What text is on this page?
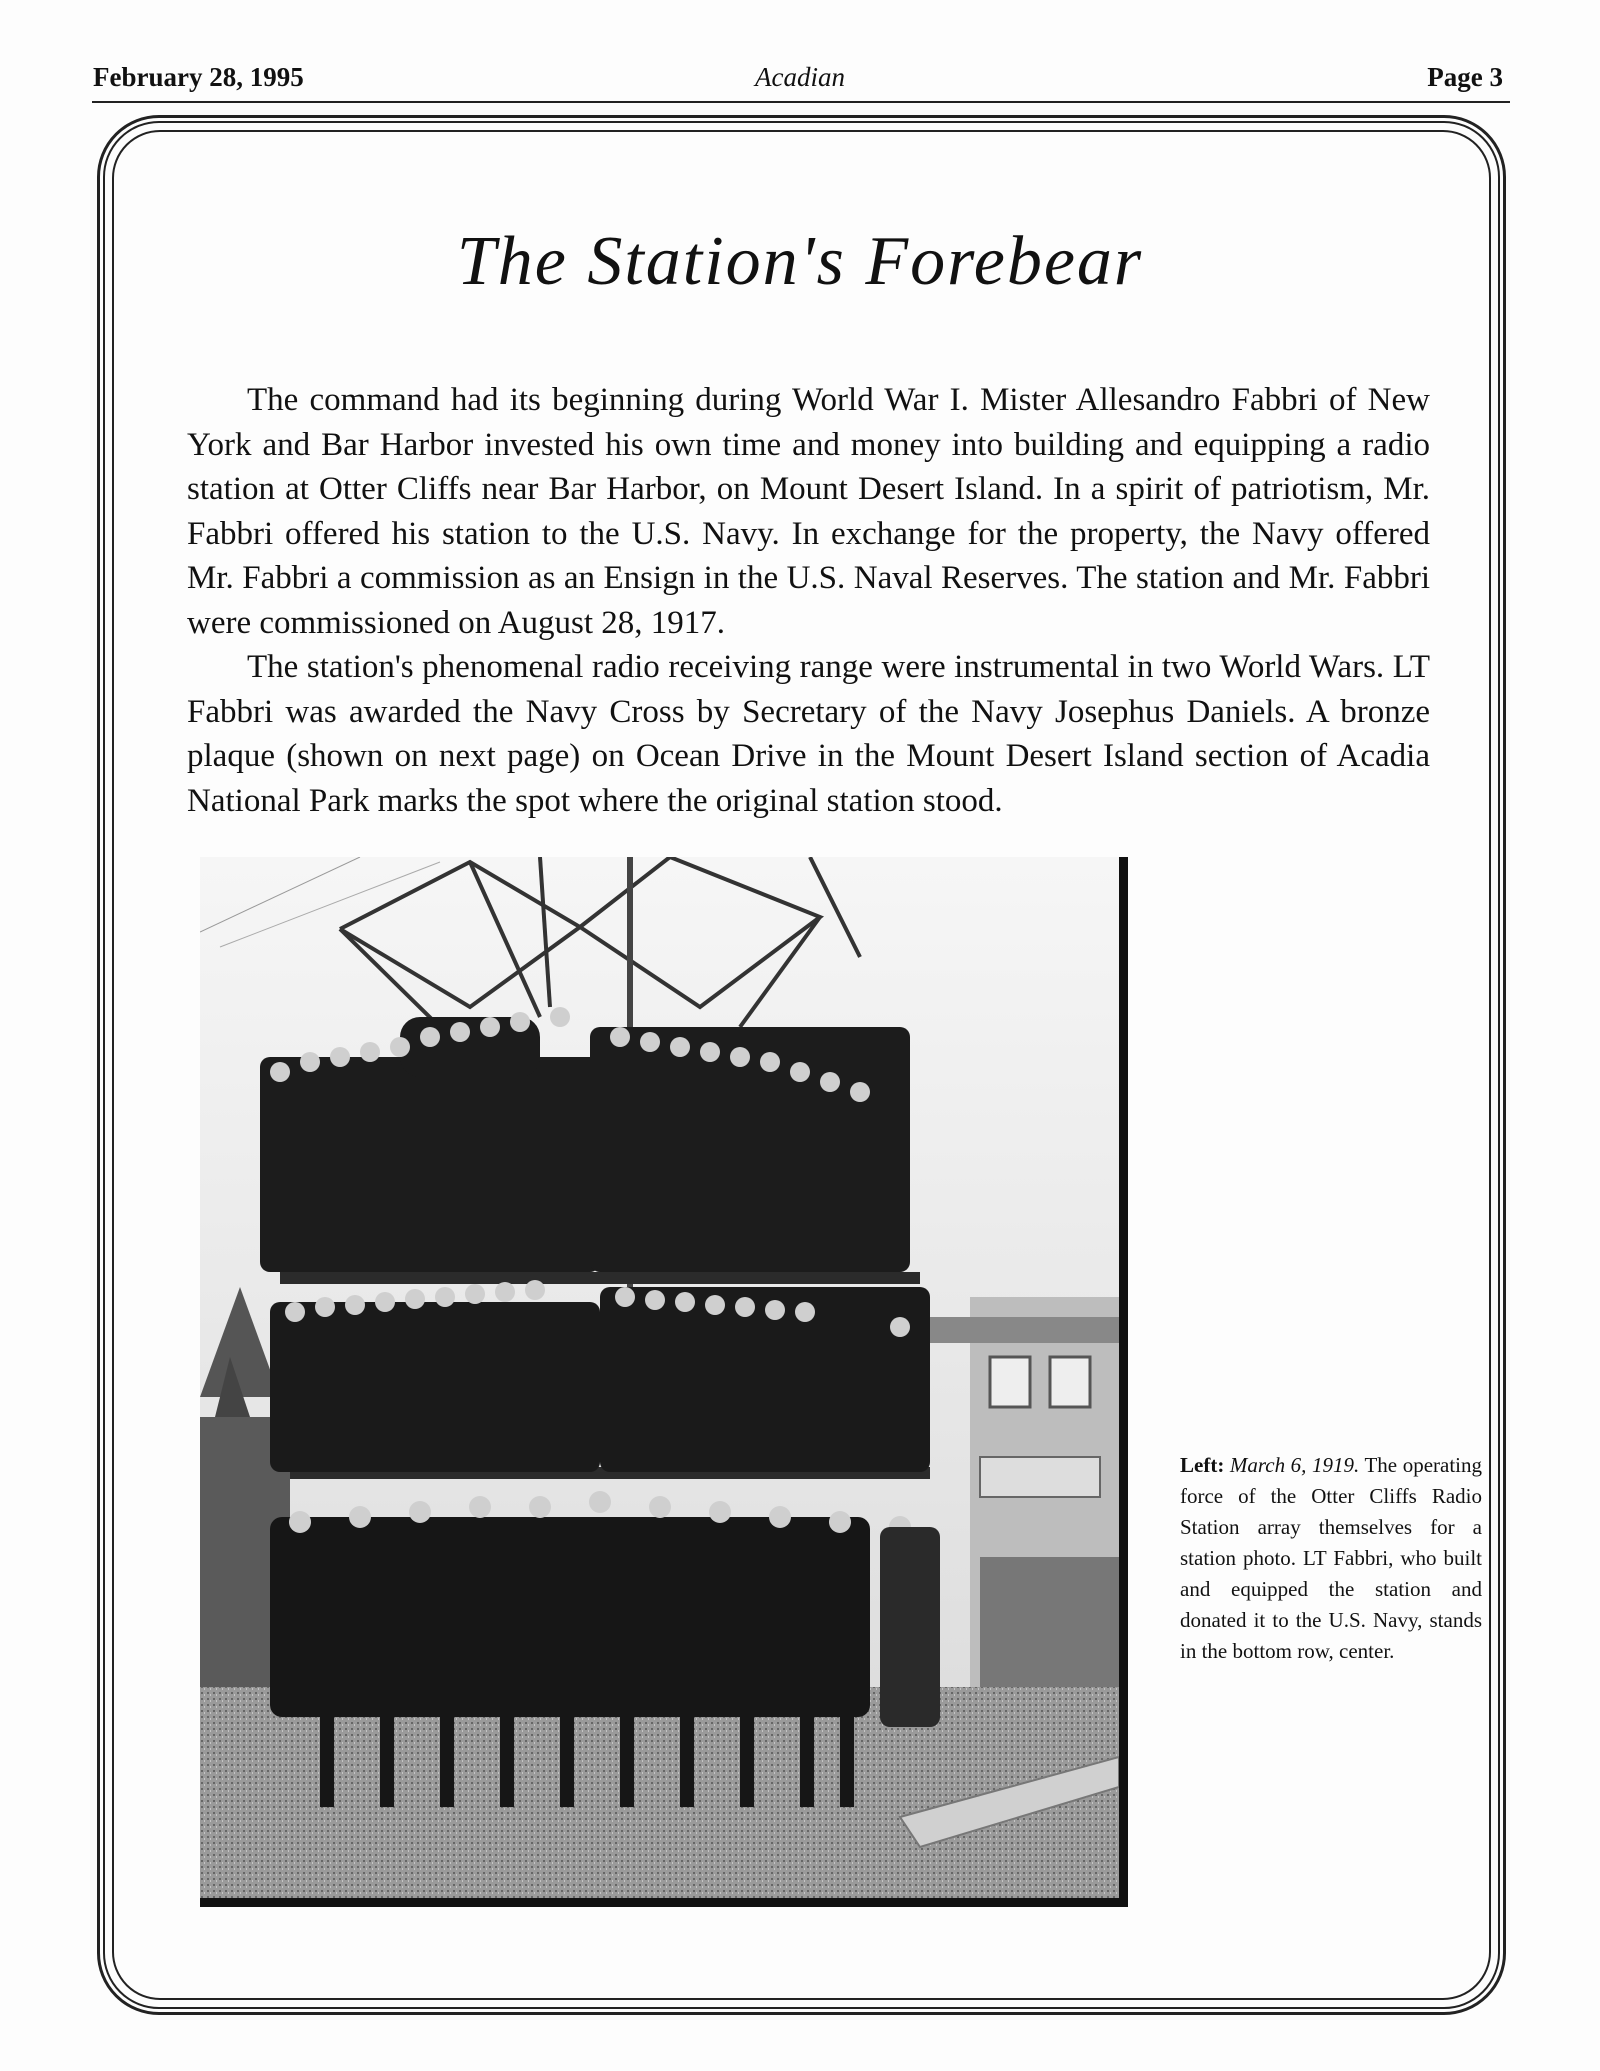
February 28, 1995	Acadian	Page 3
The Station's Forebear

The command had its beginning during World War I. Mister Allesandro Fabbri of New York and Bar Harbor invested his own time and money into building and equipping a radio station at Otter Cliffs near Bar Harbor, on Mount Desert Island. In a spirit of patriotism, Mr. Fabbri offered his station to the U.S. Navy. In exchange for the property, the Navy offered Mr. Fabbri a commission as an Ensign in the U.S. Naval Reserves. The station and Mr. Fabbri were commissioned on August 28, 1917.

The station's phenomenal radio receiving range were instrumental in two World Wars. LT Fabbri was awarded the Navy Cross by Secretary of the Navy Josephus Daniels. A bronze plaque (shown on next page) on Ocean Drive in the Mount Desert Island section of Acadia National Park marks the spot where the original station stood.

Left: March 6, 1919. The operating force of the Otter Cliffs Radio Station array themselves for a station photo. LT Fabbri, who built and equipped the station and donated it to the U.S. Navy, stands in the bottom row, center.
